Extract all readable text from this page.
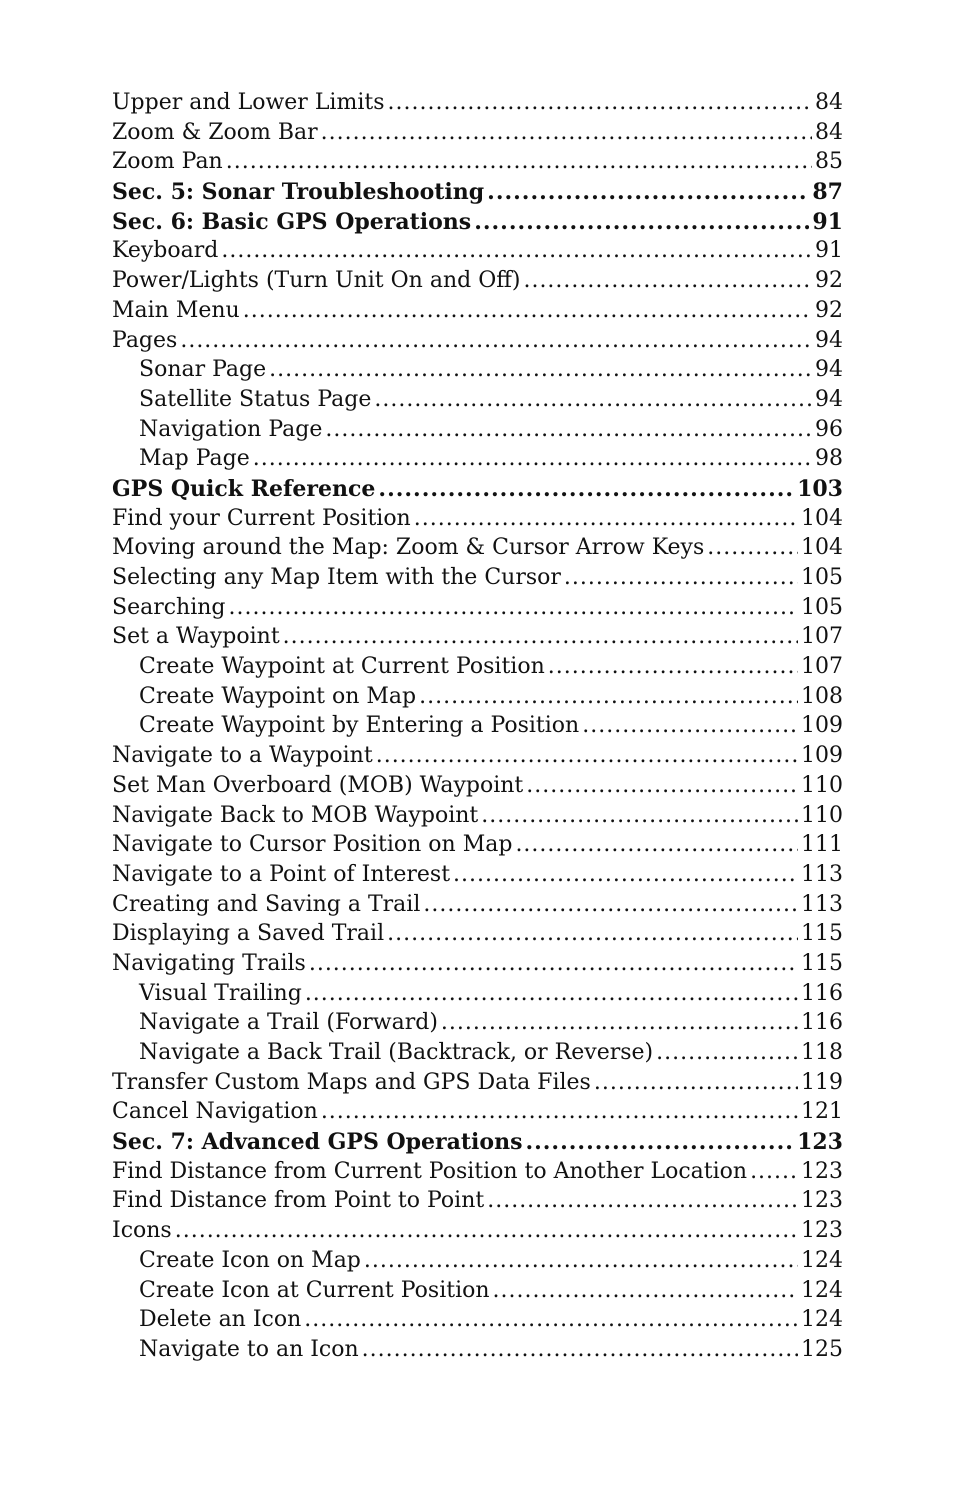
Upper and Lower Limits .....	84
Zoom & Zoom Bar .....	84
Zoom Pan .....	85
Sec. 5: Sonar Troubleshooting .....	87
Sec. 6: Basic GPS Operations .....	91
Keyboard .....	91
Power/Lights (Turn Unit On and Off) .....	92
Main Menu .....	92
Pages .....	94
Sonar Page .....	94
Satellite Status Page .....	94
Navigation Page .....	96
Map Page .....	98
GPS Quick Reference .....	103
Find your Current Position .....	104
Moving around the Map: Zoom & Cursor Arrow Keys .....	104
Selecting any Map Item with the Cursor .....	105
Searching .....	105
Set a Waypoint .....	107
Create Waypoint at Current Position .....	107
Create Waypoint on Map .....	108
Create Waypoint by Entering a Position .....	109
Navigate to a Waypoint .....	109
Set Man Overboard (MOB) Waypoint .....	110
Navigate Back to MOB Waypoint .....	110
Navigate to Cursor Position on Map .....	111
Navigate to a Point of Interest .....	113
Creating and Saving a Trail .....	113
Displaying a Saved Trail .....	115
Navigating Trails .....	115
Visual Trailing .....	116
Navigate a Trail (Forward) .....	116
Navigate a Back Trail (Backtrack, or Reverse) .....	118
Transfer Custom Maps and GPS Data Files .....	119
Cancel Navigation .....	121
Sec. 7: Advanced GPS Operations .....	123
Find Distance from Current Position to Another Location ..... 123
Find Distance from Point to Point .....	123
Icons .....	123
Create Icon on Map .....	124
Create Icon at Current Position .....	124
Delete an Icon .....	124
Navigate to an Icon .....	125
